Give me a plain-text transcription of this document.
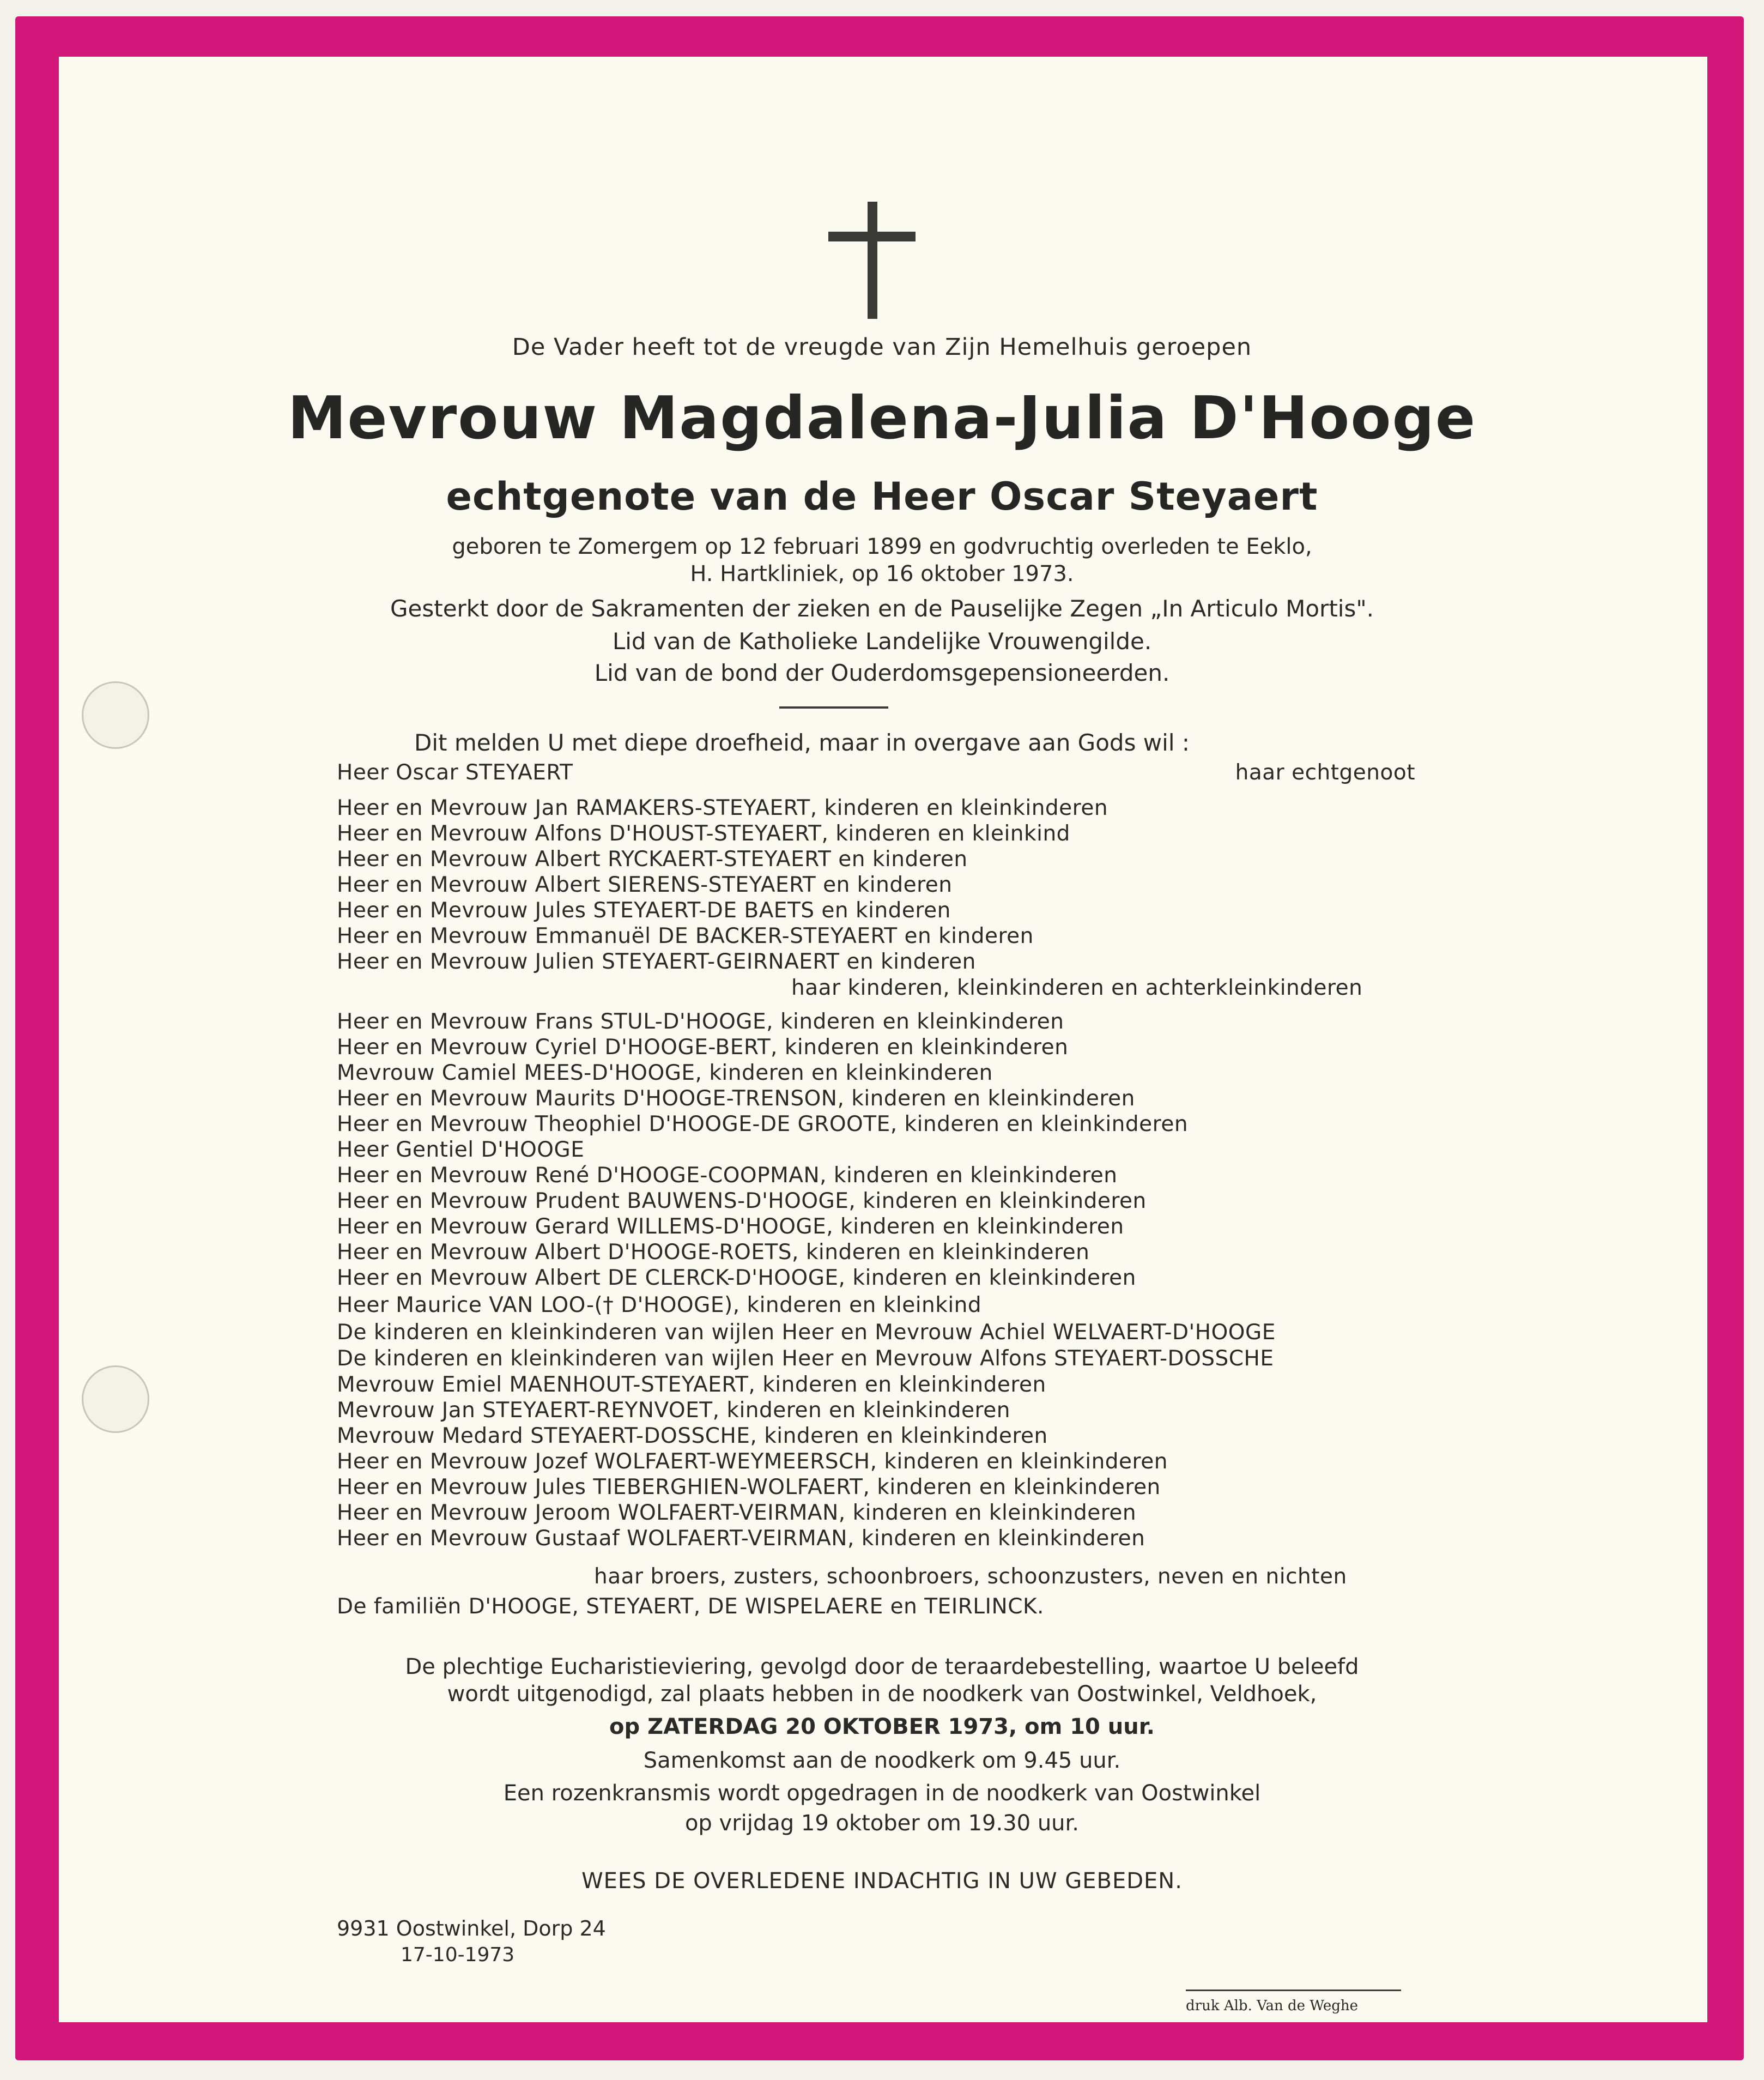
De Vader heeft tot de vreugde van Zijn Hemelhuis geroepen
Mevrouw Magdalena-Julia D'Hooge
echtgenote van de Heer Oscar Steyaert
geboren te Zomergem op 12 februari 1899 en godvruchtig overleden te Eeklo,
H. Hartkliniek, op 16 oktober 1973.
Gesterkt door de Sakramenten der zieken en de Pauselijke Zegen „In Articulo Mortis".
Lid van de Katholieke Landelijke Vrouwengilde.
Lid van de bond der Ouderdomsgepensioneerden.
Dit melden U met diepe droefheid, maar in overgave aan Gods wil :
Heer Oscar STEYAERT	haar echtgenoot
Heer en Mevrouw Jan RAMAKERS-STEYAERT, kinderen en kleinkinderen
Heer en Mevrouw Alfons D'HOUST-STEYAERT, kinderen en kleinkind
Heer en Mevrouw Albert RYCKAERT-STEYAERT en kinderen
Heer en Mevrouw Albert SIERENS-STEYAERT en kinderen
Heer en Mevrouw Jules STEYAERT-DE BAETS en kinderen
Heer en Mevrouw Emmanuël DE BACKER-STEYAERT en kinderen
Heer en Mevrouw Julien STEYAERT-GEIRNAERT en kinderen
haar kinderen, kleinkinderen en achterkleinkinderen
Heer en Mevrouw Frans STUL-D'HOOGE, kinderen en kleinkinderen
Heer en Mevrouw Cyriel D'HOOGE-BERT, kinderen en kleinkinderen
Mevrouw Camiel MEES-D'HOOGE, kinderen en kleinkinderen
Heer en Mevrouw Maurits D'HOOGE-TRENSON, kinderen en kleinkinderen
Heer en Mevrouw Theophiel D'HOOGE-DE GROOTE, kinderen en kleinkinderen
Heer Gentiel D'HOOGE
Heer en Mevrouw René D'HOOGE-COOPMAN, kinderen en kleinkinderen
Heer en Mevrouw Prudent BAUWENS-D'HOOGE, kinderen en kleinkinderen
Heer en Mevrouw Gerard WILLEMS-D'HOOGE, kinderen en kleinkinderen
Heer en Mevrouw Albert D'HOOGE-ROETS, kinderen en kleinkinderen
Heer en Mevrouw Albert DE CLERCK-D'HOOGE, kinderen en kleinkinderen
Heer Maurice VAN LOO-(† D'HOOGE), kinderen en kleinkind
De kinderen en kleinkinderen van wijlen Heer en Mevrouw Achiel WELVAERT-D'HOOGE
De kinderen en kleinkinderen van wijlen Heer en Mevrouw Alfons STEYAERT-DOSSCHE
Mevrouw Emiel MAENHOUT-STEYAERT, kinderen en kleinkinderen
Mevrouw Jan STEYAERT-REYNVOET, kinderen en kleinkinderen
Mevrouw Medard STEYAERT-DOSSCHE, kinderen en kleinkinderen
Heer en Mevrouw Jozef WOLFAERT-WEYMEERSCH, kinderen en kleinkinderen
Heer en Mevrouw Jules TIEBERGHIEN-WOLFAERT, kinderen en kleinkinderen
Heer en Mevrouw Jeroom WOLFAERT-VEIRMAN, kinderen en kleinkinderen
Heer en Mevrouw Gustaaf WOLFAERT-VEIRMAN, kinderen en kleinkinderen
haar broers, zusters, schoonbroers, schoonzusters, neven en nichten
De familiën D'HOOGE, STEYAERT, DE WISPELAERE en TEIRLINCK.
De plechtige Eucharistieviering, gevolgd door de teraardebestelling, waartoe U beleefd
wordt uitgenodigd, zal plaats hebben in de noodkerk van Oostwinkel, Veldhoek,
op ZATERDAG 20 OKTOBER 1973, om 10 uur.
Samenkomst aan de noodkerk om 9.45 uur.
Een rozenkransmis wordt opgedragen in de noodkerk van Oostwinkel
op vrijdag 19 oktober om 19.30 uur.
WEES DE OVERLEDENE INDACHTIG IN UW GEBEDEN.
9931 Oostwinkel, Dorp 24
17-10-1973
druk Alb. Van de Weghe
